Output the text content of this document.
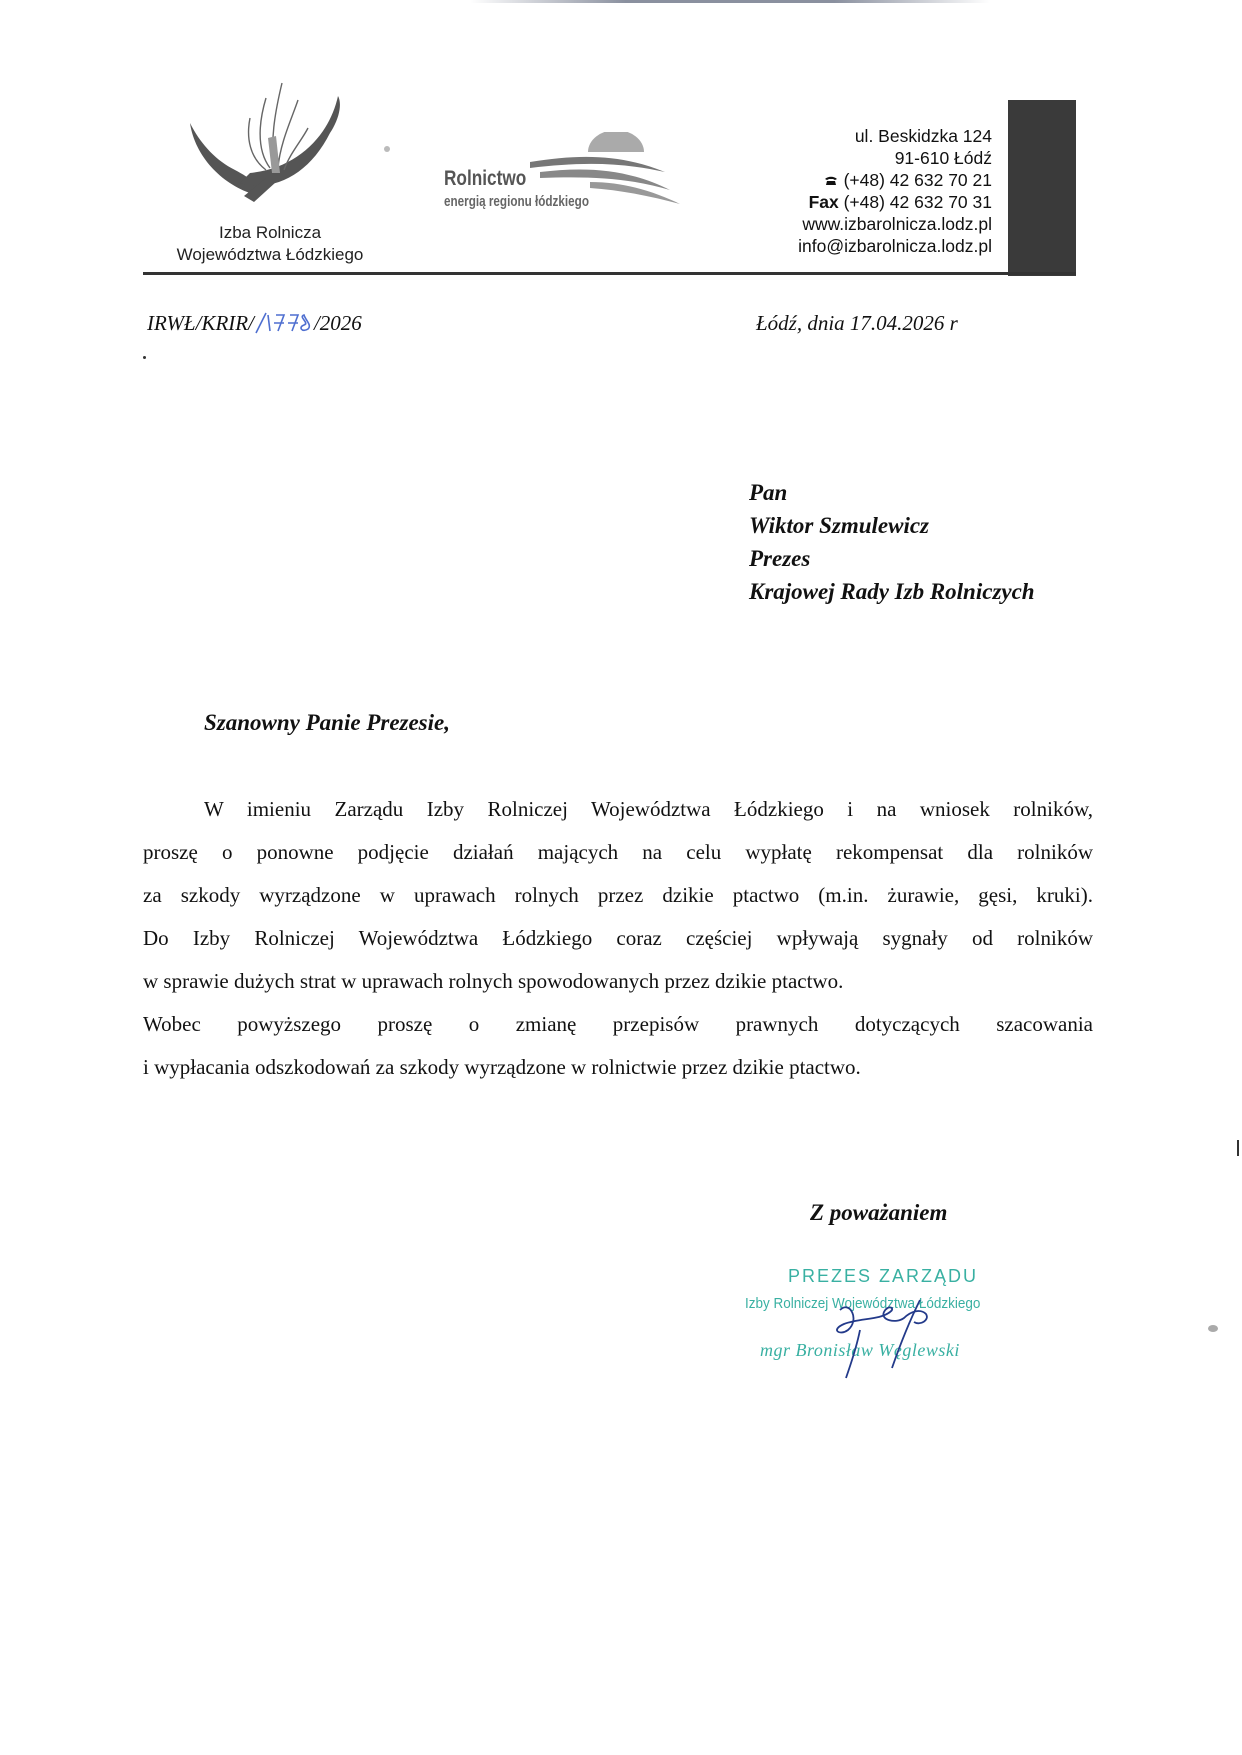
Izba Rolnicza
Województwa Łódzkiego
Rolnictwo
energią regionu łódzkiego
ul. Beskidzka 124
91-610 Łódź
(+48) 42 632 70 21
Fax (+48) 42 632 70 31
www.izbarolnicza.lodz.pl
info@izbarolnicza.lodz.pl
IRWŁ/KRIR/ 178	/2026	Łódź, dnia 17.04.2026 r
Pan
Wiktor Szmulewicz
Prezes
Krajowej Rady Izb Rolniczych
Szanowny Panie Prezesie,
W imieniu Zarządu Izby Rolniczej Województwa Łódzkiego i na wniosek rolników,
proszę o ponowne podjęcie działań mających na celu wypłatę rekompensat dla rolników
za szkody wyrządzone w uprawach rolnych przez dzikie ptactwo (m.in. żurawie, gęsi, kruki).
Do Izby Rolniczej Województwa Łódzkiego coraz częściej wpływają sygnały od rolników
w sprawie dużych strat w uprawach rolnych spowodowanych przez dzikie ptactwo.
Wobec powyższego proszę o zmianę przepisów prawnych dotyczących szacowania
i wypłacania odszkodowań za szkody wyrządzone w rolnictwie przez dzikie ptactwo.
Z poważaniem
PREZES ZARZĄDU
Izby Rolniczej Województwa Łódzkiego
mgr Bronisław Węglewski
